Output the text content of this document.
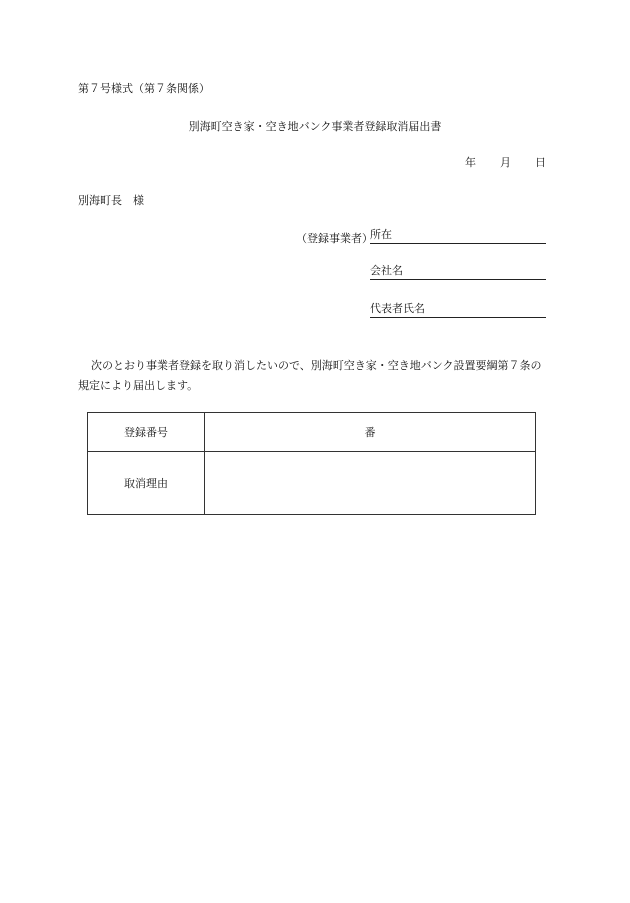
第７号様式（第７条関係）
別海町空き家・空き地バンク事業者登録取消届出書
年 月 日
別海町長　様
（登録事業者）
所在
会社名
代表者氏名
次のとおり事業者登録を取り消したいので、別海町空き家・空き地バンク設置要綱第７条の規定により届出します。
登録番号	番
取消理由	
